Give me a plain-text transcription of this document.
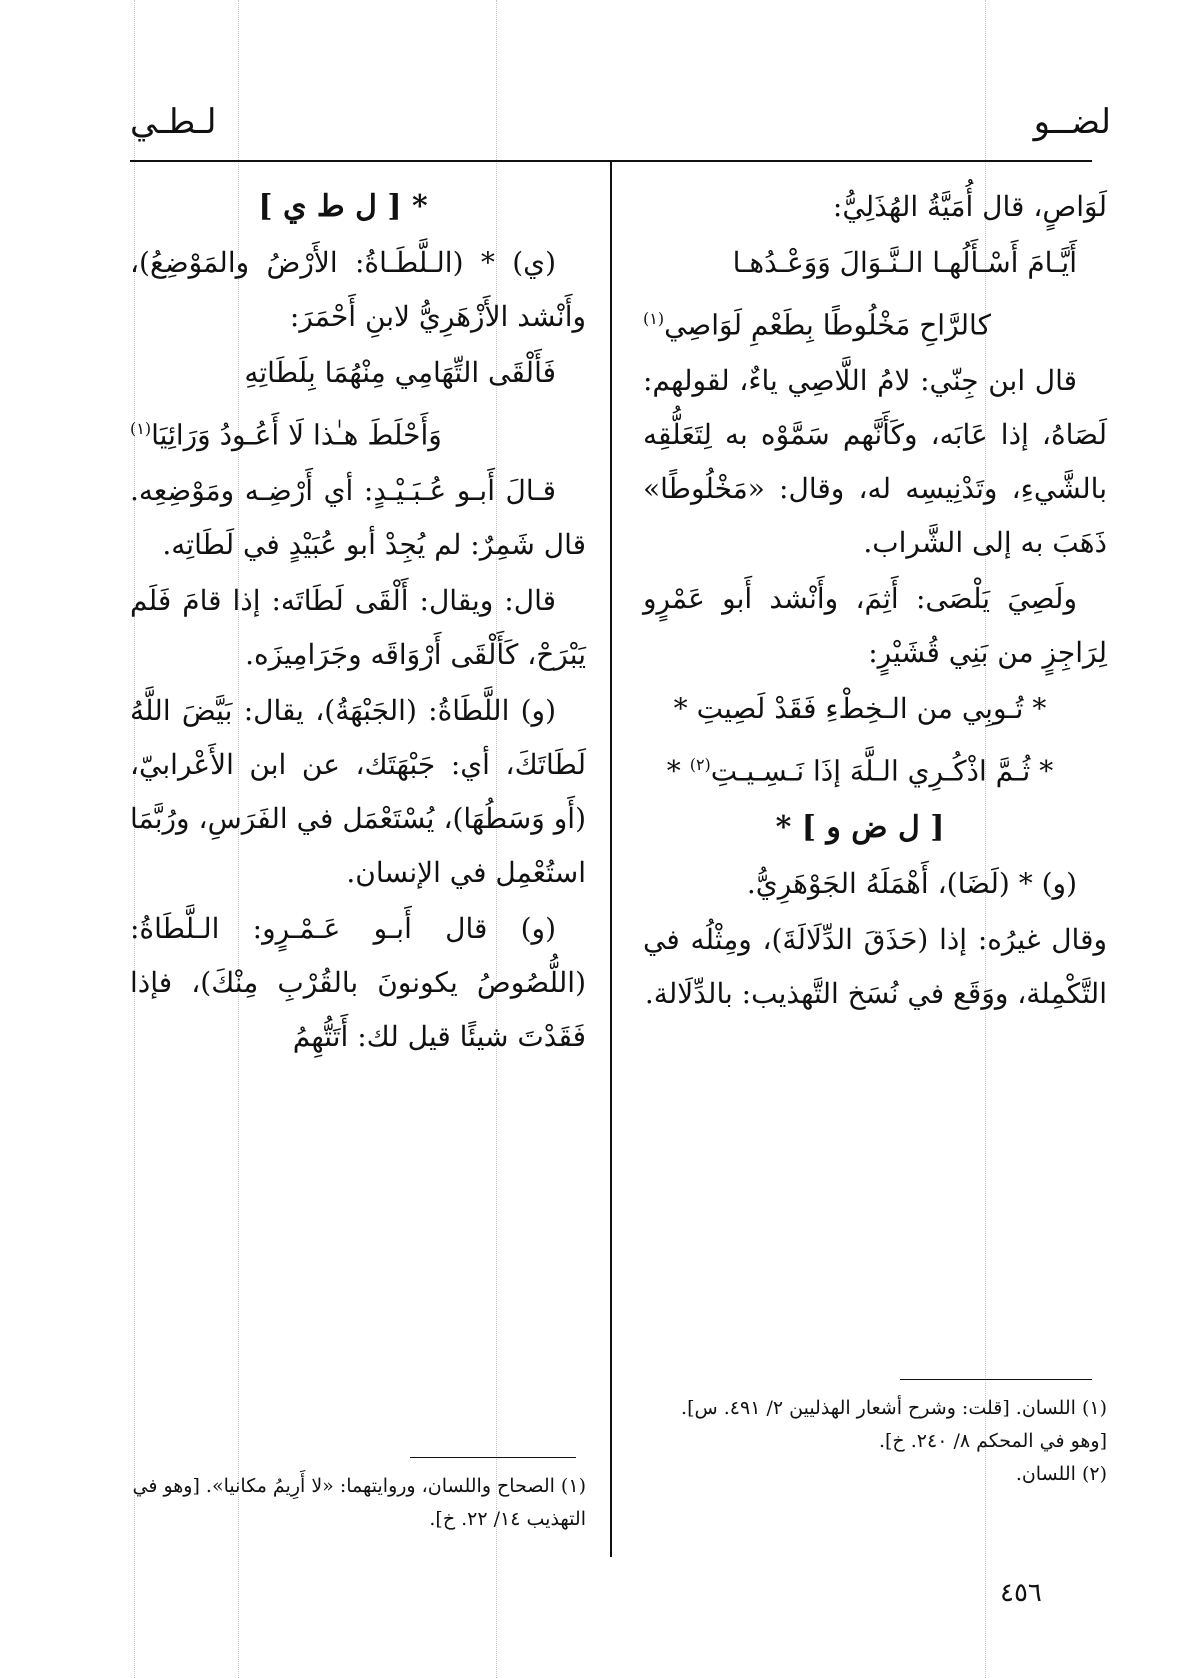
لضــو
لـطـي

لَوَاصٍ، قال أُمَيَّةُ الهُذَلِيُّ:

أَيَّـامَ أَسْـأَلُهـا الـنَّـوَالَ وَوَعْـدُهـا

كالرَّاحِ مَخْلُوطًا بِطَعْمِ لَوَاصِي$^{(١)}$

قال ابن جِنّي: لامُ اللَّاصِي ياءٌ، لقولهم: لَصَاهُ، إذا عَابَه، وكَأَنَّهم سَمَّوْه به لِتَعَلُّقِه بالشَّيءِ، وتَدْنِيسِه له، وقال: «مَخْلُوطًا» ذَهَبَ به إلى الشَّراب.

ولَصِيَ يَلْصَى: أَثِمَ، وأَنْشد أَبو عَمْرٍو لِرَاجِزٍ من بَنِي قُشَيْرٍ:

* تُـوبِي من الـخِطْءِ فَقَدْ لَصِيتِ *

* ثُـمَّ اذْكُـرِي الـلَّهَ إذَا نَـسِـيـتِ$^{(٢)}$ *

[ ل ض و ] *

(و) * (لَضَا)، أَهْمَلَهُ الجَوْهَرِيُّ.

وقال غيرُه: إذا (حَذَقَ الدِّلَالَةَ)، ومِثْلُه في التَّكْمِلة، ووَقَع في نُسَخ التَّهذيب: بالدِّلَالة.

* [ ل ط ي ]

(ي) * (الـلَّطَـاةُ: الأَرْضُ والمَوْضِعُ)، وأَنْشد الأَزْهَرِيُّ لابنِ أَحْمَرَ:

فَأَلْقَى التِّهَامِي مِنْهُمَا بِلَطَاتِهِ

وَأَحْلَطَ هـٰذا لَا أَعُـودُ وَرَائِيَا$^{(١)}$

قـالَ أَبـو عُـبَـيْـدٍ: أي أَرْضِـه ومَوْضِعِه. قال شَمِرٌ: لم يُجِدْ أبو عُبَيْدٍ في لَطَاتِه.

قال: ويقال: أَلْقَى لَطَاتَه: إذا قامَ فَلَم يَبْرَحْ، كَأَلْقَى أَرْوَاقَه وجَرَامِيزَه.

(و) اللَّطَاةُ: (الجَبْهَةُ)، يقال: بَيَّضَ اللَّهُ لَطَاتَكَ، أي: جَبْهَتَك، عن ابن الأَعْرابيّ، (أَو وَسَطُهَا)، يُسْتَعْمَل في الفَرَسِ، ورُبَّمَا استُعْمِل في الإنسان.

(و) قال أَبـو عَـمْـرٍو: الـلَّطَاةُ: (اللُّصُوصُ يكونونَ بالقُرْبِ مِنْكَ)، فإذا فَقَدْتَ شيئًا قيل لك: أَتَتُّهِمُ

(١) اللسان. [قلت: وشرح أشعار الهذليين ٢/ ٤٩١. س]. [وهو في المحكم ٨/ ٢٤٠. خ].
(٢) اللسان.
(١) الصحاح واللسان، وروايتهما: «لا أَرِيمُ مكانيا». [وهو في التهذيب ١٤/ ٢٢. خ].
٤٥٦
